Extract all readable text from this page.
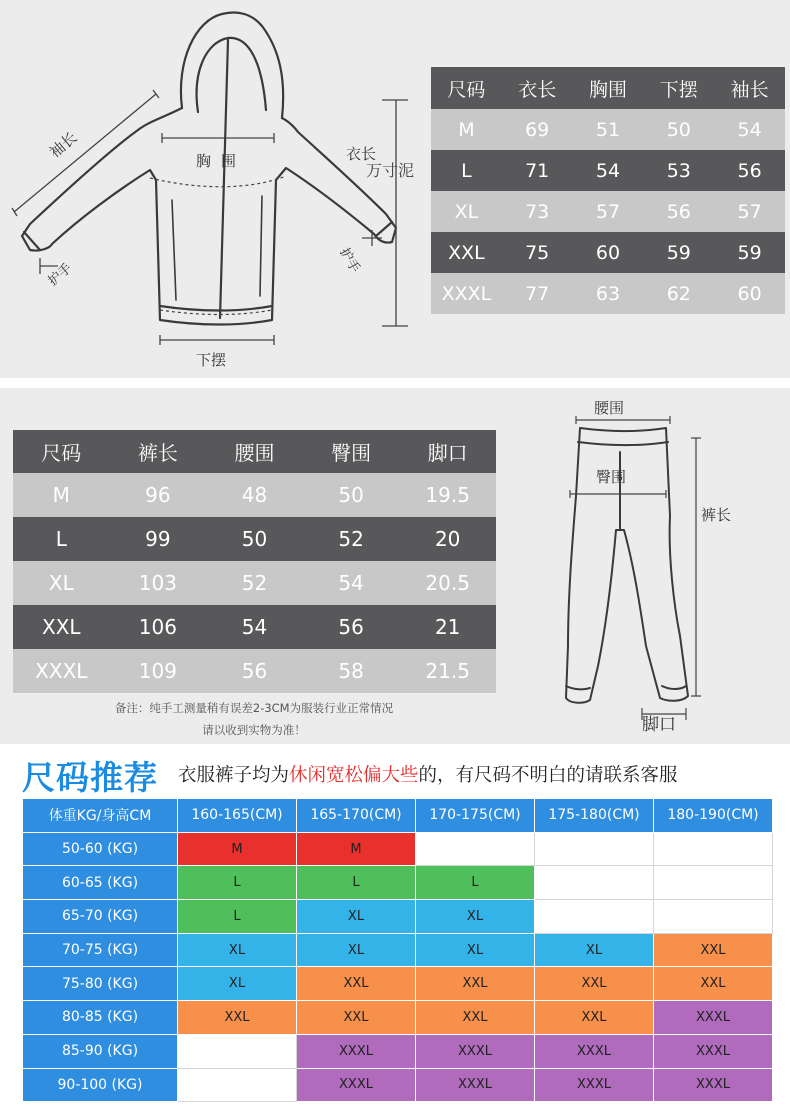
袖长	胸围	衣长
万寸泥
护手	护手
下摆
尺码	衣长	胸围	下摆	袖长
M	69	51	50	54
L	71	54	53	56
XL	73	57	56	57
XXL	75	60	59	59
XXXL	77	63	62	60
尺码	裤长	腰围	臀围	脚口
M	96	48	50	19.5
L	99	50	52	20
XL	103	52	54	20.5
XXL	106	54	56	21
XXXL	109	56	58	21.5
备注：纯手工测量稍有误差2-3CM为服装行业正常情况
请以收到实物为准！
腰围
臀围
裤长
脚口
尺码推荐 衣服裤子均为休闲宽松偏大些的，有尺码不明白的请联系客服
体重KG/身高CM	160-165(CM)	165-170(CM)	170-175(CM)	175-180(CM)	180-190(CM)
50-60 (KG)	M	M			
60-65 (KG)	L	L	L		
65-70 (KG)	L	XL	XL		
70-75 (KG)	XL	XL	XL	XL	XXL
75-80 (KG)	XL	XXL	XXL	XXL	XXL
80-85 (KG)	XXL	XXL	XXL	XXL	XXXL
85-90 (KG)		XXXL	XXXL	XXXL	XXXL
90-100 (KG)		XXXL	XXXL	XXXL	XXXL
